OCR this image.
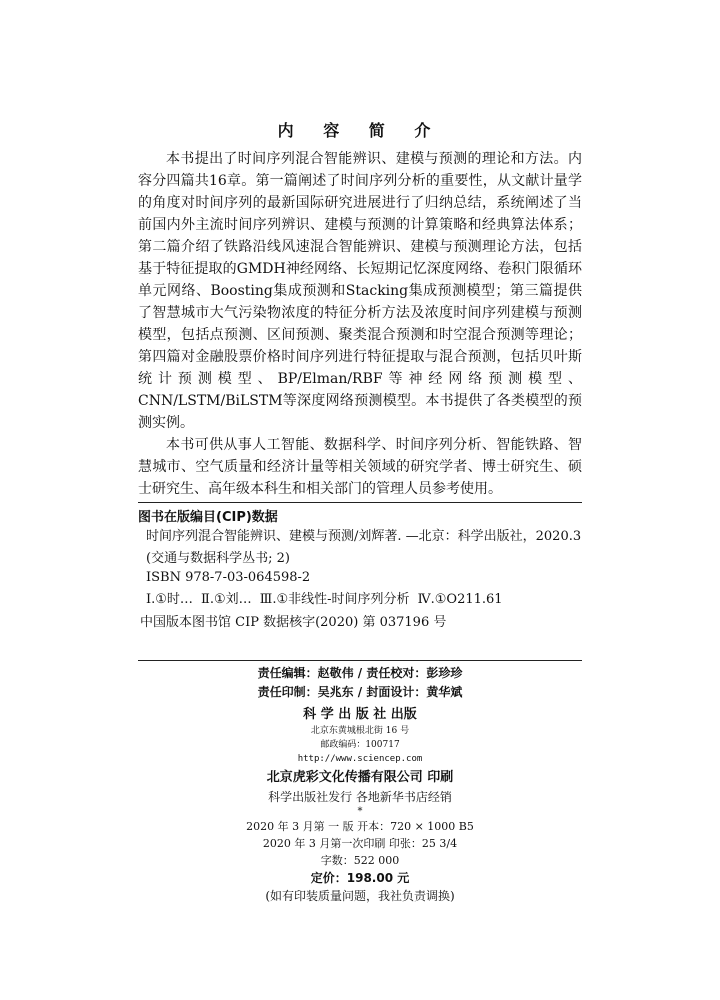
内 容 简 介

本书提出了时间序列混合智能辨识、建模与预测的理论和方法。内容分四篇共16章。第一篇阐述了时间序列分析的重要性，从文献计量学的角度对时间序列的最新国际研究进展进行了归纳总结，系统阐述了当前国内外主流时间序列辨识、建模与预测的计算策略和经典算法体系；第二篇介绍了铁路沿线风速混合智能辨识、建模与预测理论方法，包括基于特征提取的GMDH神经网络、长短期记忆深度网络、卷积门限循环单元网络、Boosting集成预测和Stacking集成预测模型；第三篇提供了智慧城市大气污染物浓度的特征分析方法及浓度时间序列建模与预测模型，包括点预测、区间预测、聚类混合预测和时空混合预测等理论；第四篇对金融股票价格时间序列进行特征提取与混合预测，包括贝叶斯统计预测模型、BP/Elman/RBF等神经网络预测模型、CNN/LSTM/BiLSTM等深度网络预测模型。本书提供了各类模型的预测实例。

本书可供从事人工智能、数据科学、时间序列分析、智能铁路、智慧城市、空气质量和经济计量等相关领域的研究学者、博士研究生、硕士研究生、高年级本科生和相关部门的管理人员参考使用。

图书在版编目(CIP)数据
时间序列混合智能辨识、建模与预测/刘辉著. —北京：科学出版社，2020.3
(交通与数据科学丛书; 2)
ISBN 978-7-03-064598-2
Ⅰ.①时… Ⅱ.①刘… Ⅲ.①非线性-时间序列分析 Ⅳ.①O211.61
中国版本图书馆 CIP 数据核字(2020) 第 037196 号
责任编辑：赵敬伟 / 责任校对：彭珍珍
责任印制：吴兆东 / 封面设计：黄华斌
科 学 出 版 社 出版
北京东黄城根北街 16 号
邮政编码：100717
http://www.sciencep.com
北京虎彩文化传播有限公司 印刷
科学出版社发行 各地新华书店经销
*
2020 年 3 月第 一 版 开本：720 × 1000 B5
2020 年 3 月第一次印刷 印张：25 3/4
字数：522 000
定价：198.00 元
(如有印装质量问题，我社负责调换)
